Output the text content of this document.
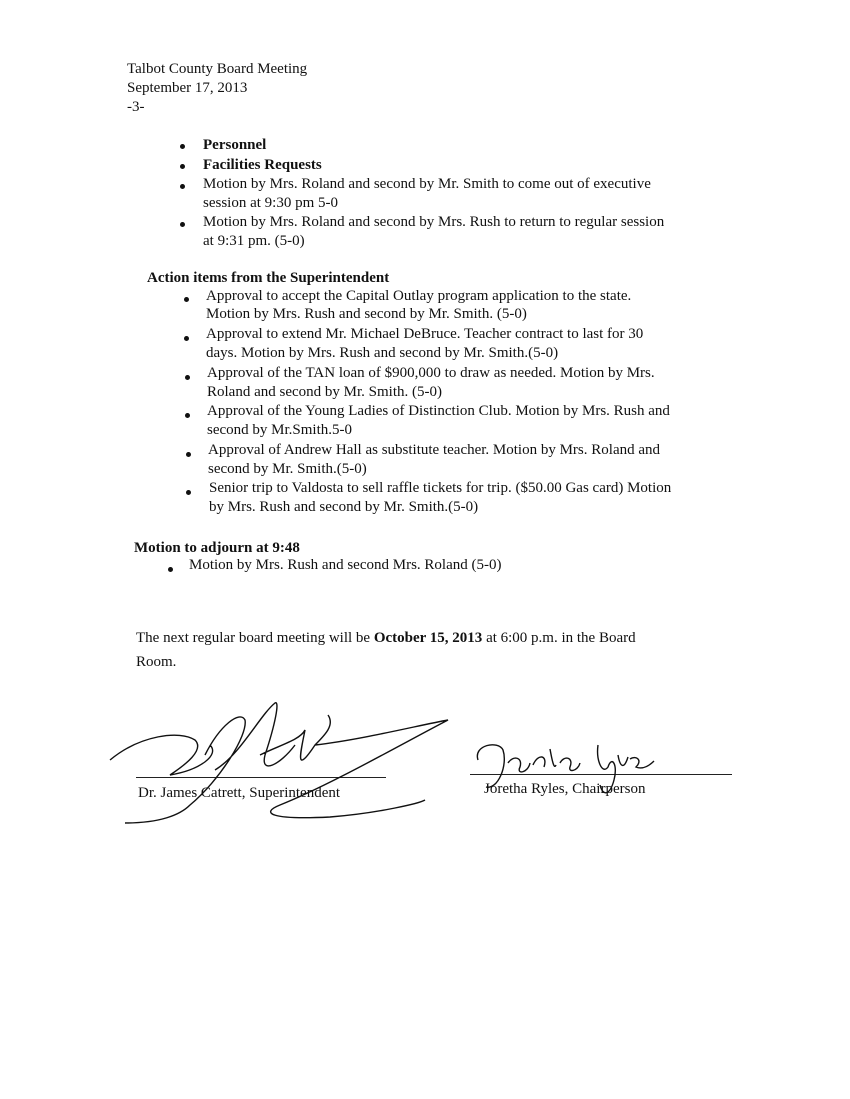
Talbot County Board Meeting
September 17, 2013
-3-
Personnel
Facilities Requests
Motion by Mrs. Roland and second by Mr. Smith to come out of executive
session at 9:30 pm 5-0
Motion by Mrs. Roland and second by Mrs. Rush to return to regular session
at 9:31 pm. (5-0)
Action items from the Superintendent
Approval to accept the Capital Outlay program application to the state.
Motion by Mrs. Rush and second by Mr. Smith. (5-0)
Approval to extend Mr. Michael DeBruce. Teacher contract to last for 30
days. Motion by Mrs. Rush and second by Mr. Smith.(5-0)
Approval of the TAN loan of $900,000 to draw as needed. Motion by Mrs.
Roland and second by Mr. Smith. (5-0)
Approval of the Young Ladies of Distinction Club. Motion by Mrs. Rush and
second by Mr.Smith.5-0
Approval of Andrew Hall as substitute teacher. Motion by Mrs. Roland and
second by Mr. Smith.(5-0)
Senior trip to Valdosta to sell raffle tickets for trip. ($50.00 Gas card) Motion
by Mrs. Rush and second by Mr. Smith.(5-0)
Motion to adjourn at 9:48
Motion by Mrs. Rush and second Mrs. Roland (5-0)
The next regular board meeting will be October 15, 2013 at 6:00 p.m. in the Board
Room.
Dr. James Catrett, Superintendent	Joretha Ryles, Chairperson
